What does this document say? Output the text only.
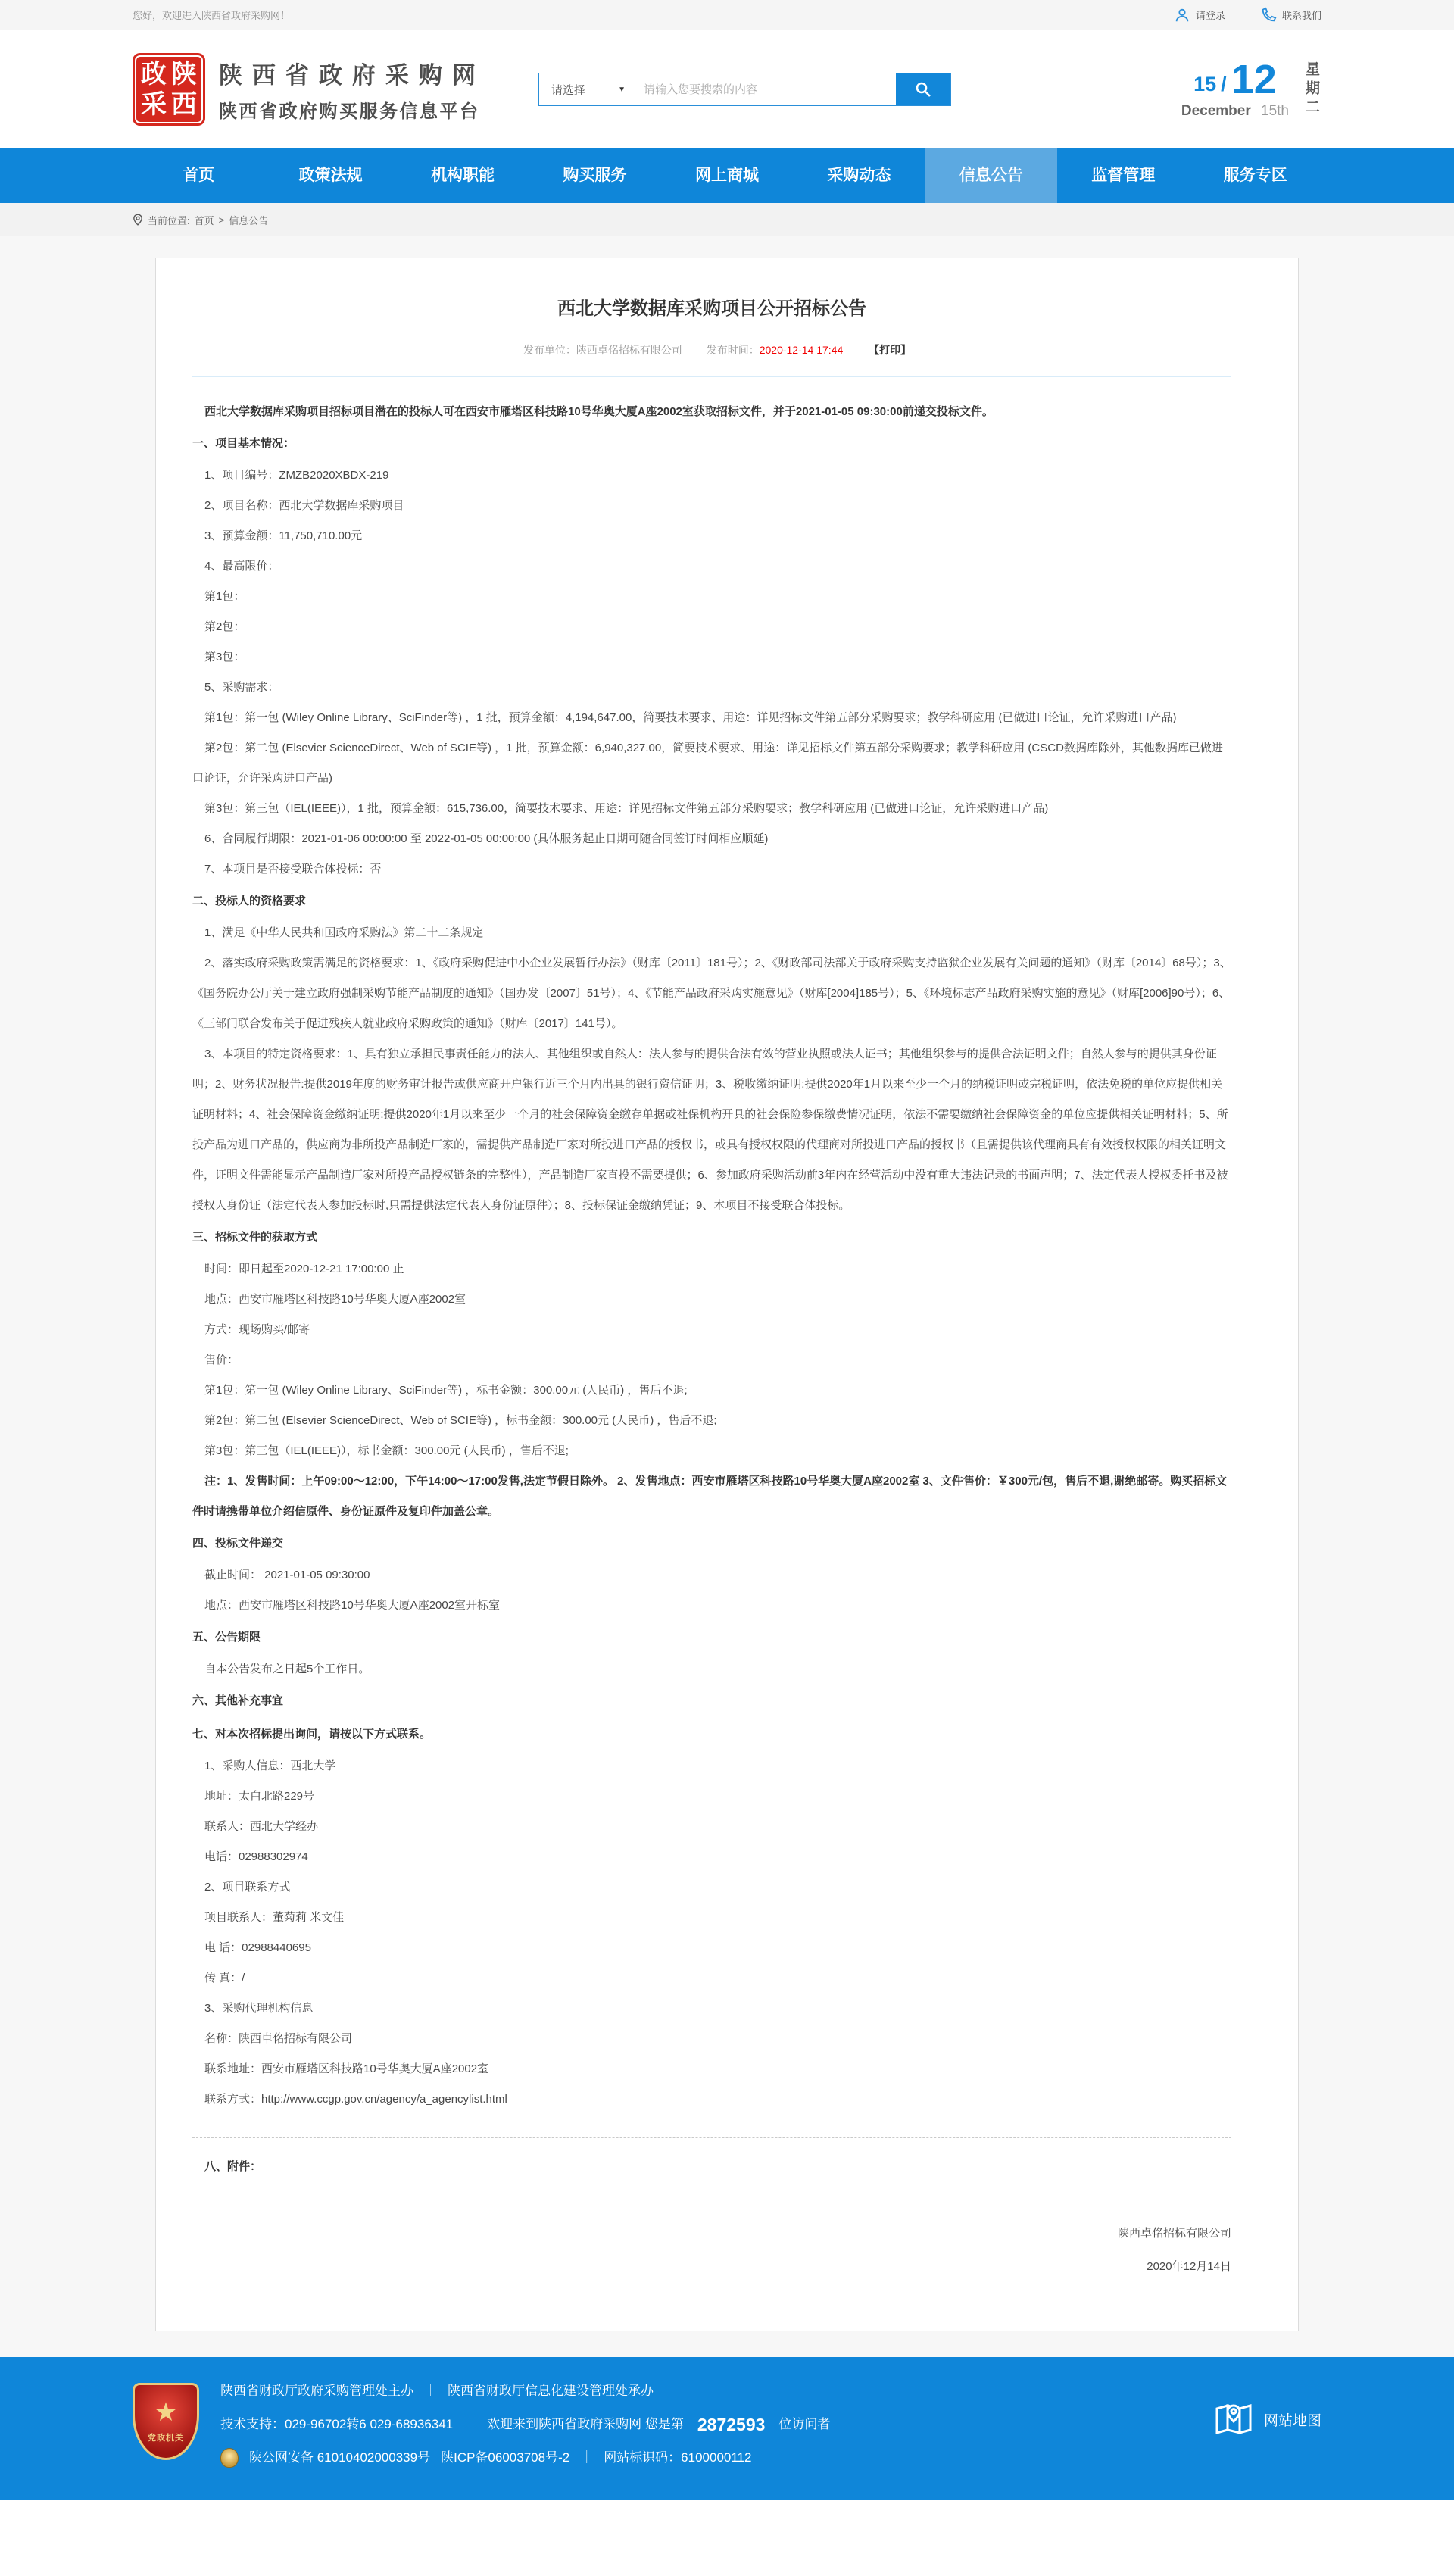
您好，欢迎进入陕西省政府采购网！	请登录	联系我们
政 陕
采 西
陕西省政府采购网
陕西省政府购买服务信息平台
请选择	▼
请输入您要搜索的内容	15 / 12
December 15th 星期二
首页	政策法规	机构职能	购买服务	网上商城	采购动态	信息公告	监督管理	服务专区
当前位置: 首页 > 信息公告
西北大学数据库采购项目公开招标公告
发布单位：陕西卓佲招标有限公司 发布时间：2020-12-14 17:44 【打印】
西北大学数据库采购项目招标项目潜在的投标人可在西安市雁塔区科技路10号华奥大厦A座2002室获取招标文件，并于2021-01-05 09:30:00前递交投标文件。
一、项目基本情况：
1、项目编号：ZMZB2020XBDX-219
2、项目名称：西北大学数据库采购项目
3、预算金额：11,750,710.00元
4、最高限价：
第1包：
第2包：
第3包：
5、采购需求：
第1包：第一包 (Wiley Online Library、SciFinder等) ，1 批，预算金额：4,194,647.00，简要技术要求、用途：详见招标文件第五部分采购要求；教学科研应用 (已做进口论证，允许采购进口产品)
第2包：第二包 (Elsevier ScienceDirect、Web of SCIE等) ，1 批，预算金额：6,940,327.00，简要技术要求、用途：详见招标文件第五部分采购要求；教学科研应用 (CSCD数据库除外，其他数据库已做进口论证，允许采购进口产品)
第3包：第三包（IEL(IEEE)），1 批，预算金额：615,736.00，简要技术要求、用途：详见招标文件第五部分采购要求；教学科研应用 (已做进口论证，允许采购进口产品)
6、合同履行期限：2021-01-06 00:00:00 至 2022-01-05 00:00:00 (具体服务起止日期可随合同签订时间相应顺延)
7、本项目是否接受联合体投标：否
二、投标人的资格要求
1、满足《中华人民共和国政府采购法》第二十二条规定
2、落实政府采购政策需满足的资格要求：1、《政府采购促进中小企业发展暂行办法》（财库〔2011〕181号）；2、《财政部司法部关于政府采购支持监狱企业发展有关问题的通知》（财库〔2014〕68号）；3、《国务院办公厅关于建立政府强制采购节能产品制度的通知》（国办发〔2007〕51号）；4、《节能产品政府采购实施意见》（财库[2004]185号）；5、《环境标志产品政府采购实施的意见》（财库[2006]90号）；6、《三部门联合发布关于促进残疾人就业政府采购政策的通知》（财库〔2017〕141号）。
3、本项目的特定资格要求：1、具有独立承担民事责任能力的法人、其他组织或自然人：法人参与的提供合法有效的营业执照或法人证书；其他组织参与的提供合法证明文件；自然人参与的提供其身份证明；2、财务状况报告:提供2019年度的财务审计报告或供应商开户银行近三个月内出具的银行资信证明；3、税收缴纳证明:提供2020年1月以来至少一个月的纳税证明或完税证明，依法免税的单位应提供相关证明材料；4、社会保障资金缴纳证明:提供2020年1月以来至少一个月的社会保障资金缴存单据或社保机构开具的社会保险参保缴费情况证明，依法不需要缴纳社会保障资金的单位应提供相关证明材料；5、所投产品为进口产品的，供应商为非所投产品制造厂家的，需提供产品制造厂家对所投进口产品的授权书，或具有授权权限的代理商对所投进口产品的授权书（且需提供该代理商具有有效授权权限的相关证明文件，证明文件需能显示产品制造厂家对所投产品授权链条的完整性），产品制造厂家直投不需要提供；6、参加政府采购活动前3年内在经营活动中没有重大违法记录的书面声明；7、法定代表人授权委托书及被授权人身份证（法定代表人参加投标时,只需提供法定代表人身份证原件）；8、投标保证金缴纳凭证；9、本项目不接受联合体投标。
三、招标文件的获取方式
时间：即日起至2020-12-21 17:00:00 止
地点：西安市雁塔区科技路10号华奥大厦A座2002室
方式：现场购买/邮寄
售价：
第1包：第一包 (Wiley Online Library、SciFinder等) ，标书金额：300.00元 (人民币) ，售后不退;
第2包：第二包 (Elsevier ScienceDirect、Web of SCIE等) ，标书金额：300.00元 (人民币) ，售后不退;
第3包：第三包（IEL(IEEE)），标书金额：300.00元 (人民币) ，售后不退;
注：1、发售时间：上午09:00～12:00，下午14:00～17:00发售,法定节假日除外。 2、发售地点：西安市雁塔区科技路10号华奥大厦A座2002室 3、文件售价：￥300元/包，售后不退,谢绝邮寄。购买招标文件时请携带单位介绍信原件、身份证原件及复印件加盖公章。
四、投标文件递交
截止时间： 2021-01-05 09:30:00
地点：西安市雁塔区科技路10号华奥大厦A座2002室开标室
五、公告期限
自本公告发布之日起5个工作日。
六、其他补充事宜
七、对本次招标提出询问，请按以下方式联系。
1、采购人信息：西北大学
地址：太白北路229号
联系人：西北大学经办
电话：02988302974
2、项目联系方式
项目联系人：董菊莉 米文佳
电 话：02988440695
传 真：/
3、采购代理机构信息
名称：陕西卓佲招标有限公司
联系地址：西安市雁塔区科技路10号华奥大厦A座2002室
联系方式：http://www.ccgp.gov.cn/agency/a_agencylist.html
八、附件：
陕西卓佲招标有限公司
2020年12月14日
★
党政机关
陕西省财政厅政府采购管理处主办 ｜ 陕西省财政厅信息化建设管理处承办
技术支持：029-96702转6 029-68936341 ｜ 欢迎来到陕西省政府采购网 您是第 2872593 位访问者
陕公网安备 61010402000339号 陕ICP备06003708号-2 ｜ 网站标识码：6100000112
网站地图
